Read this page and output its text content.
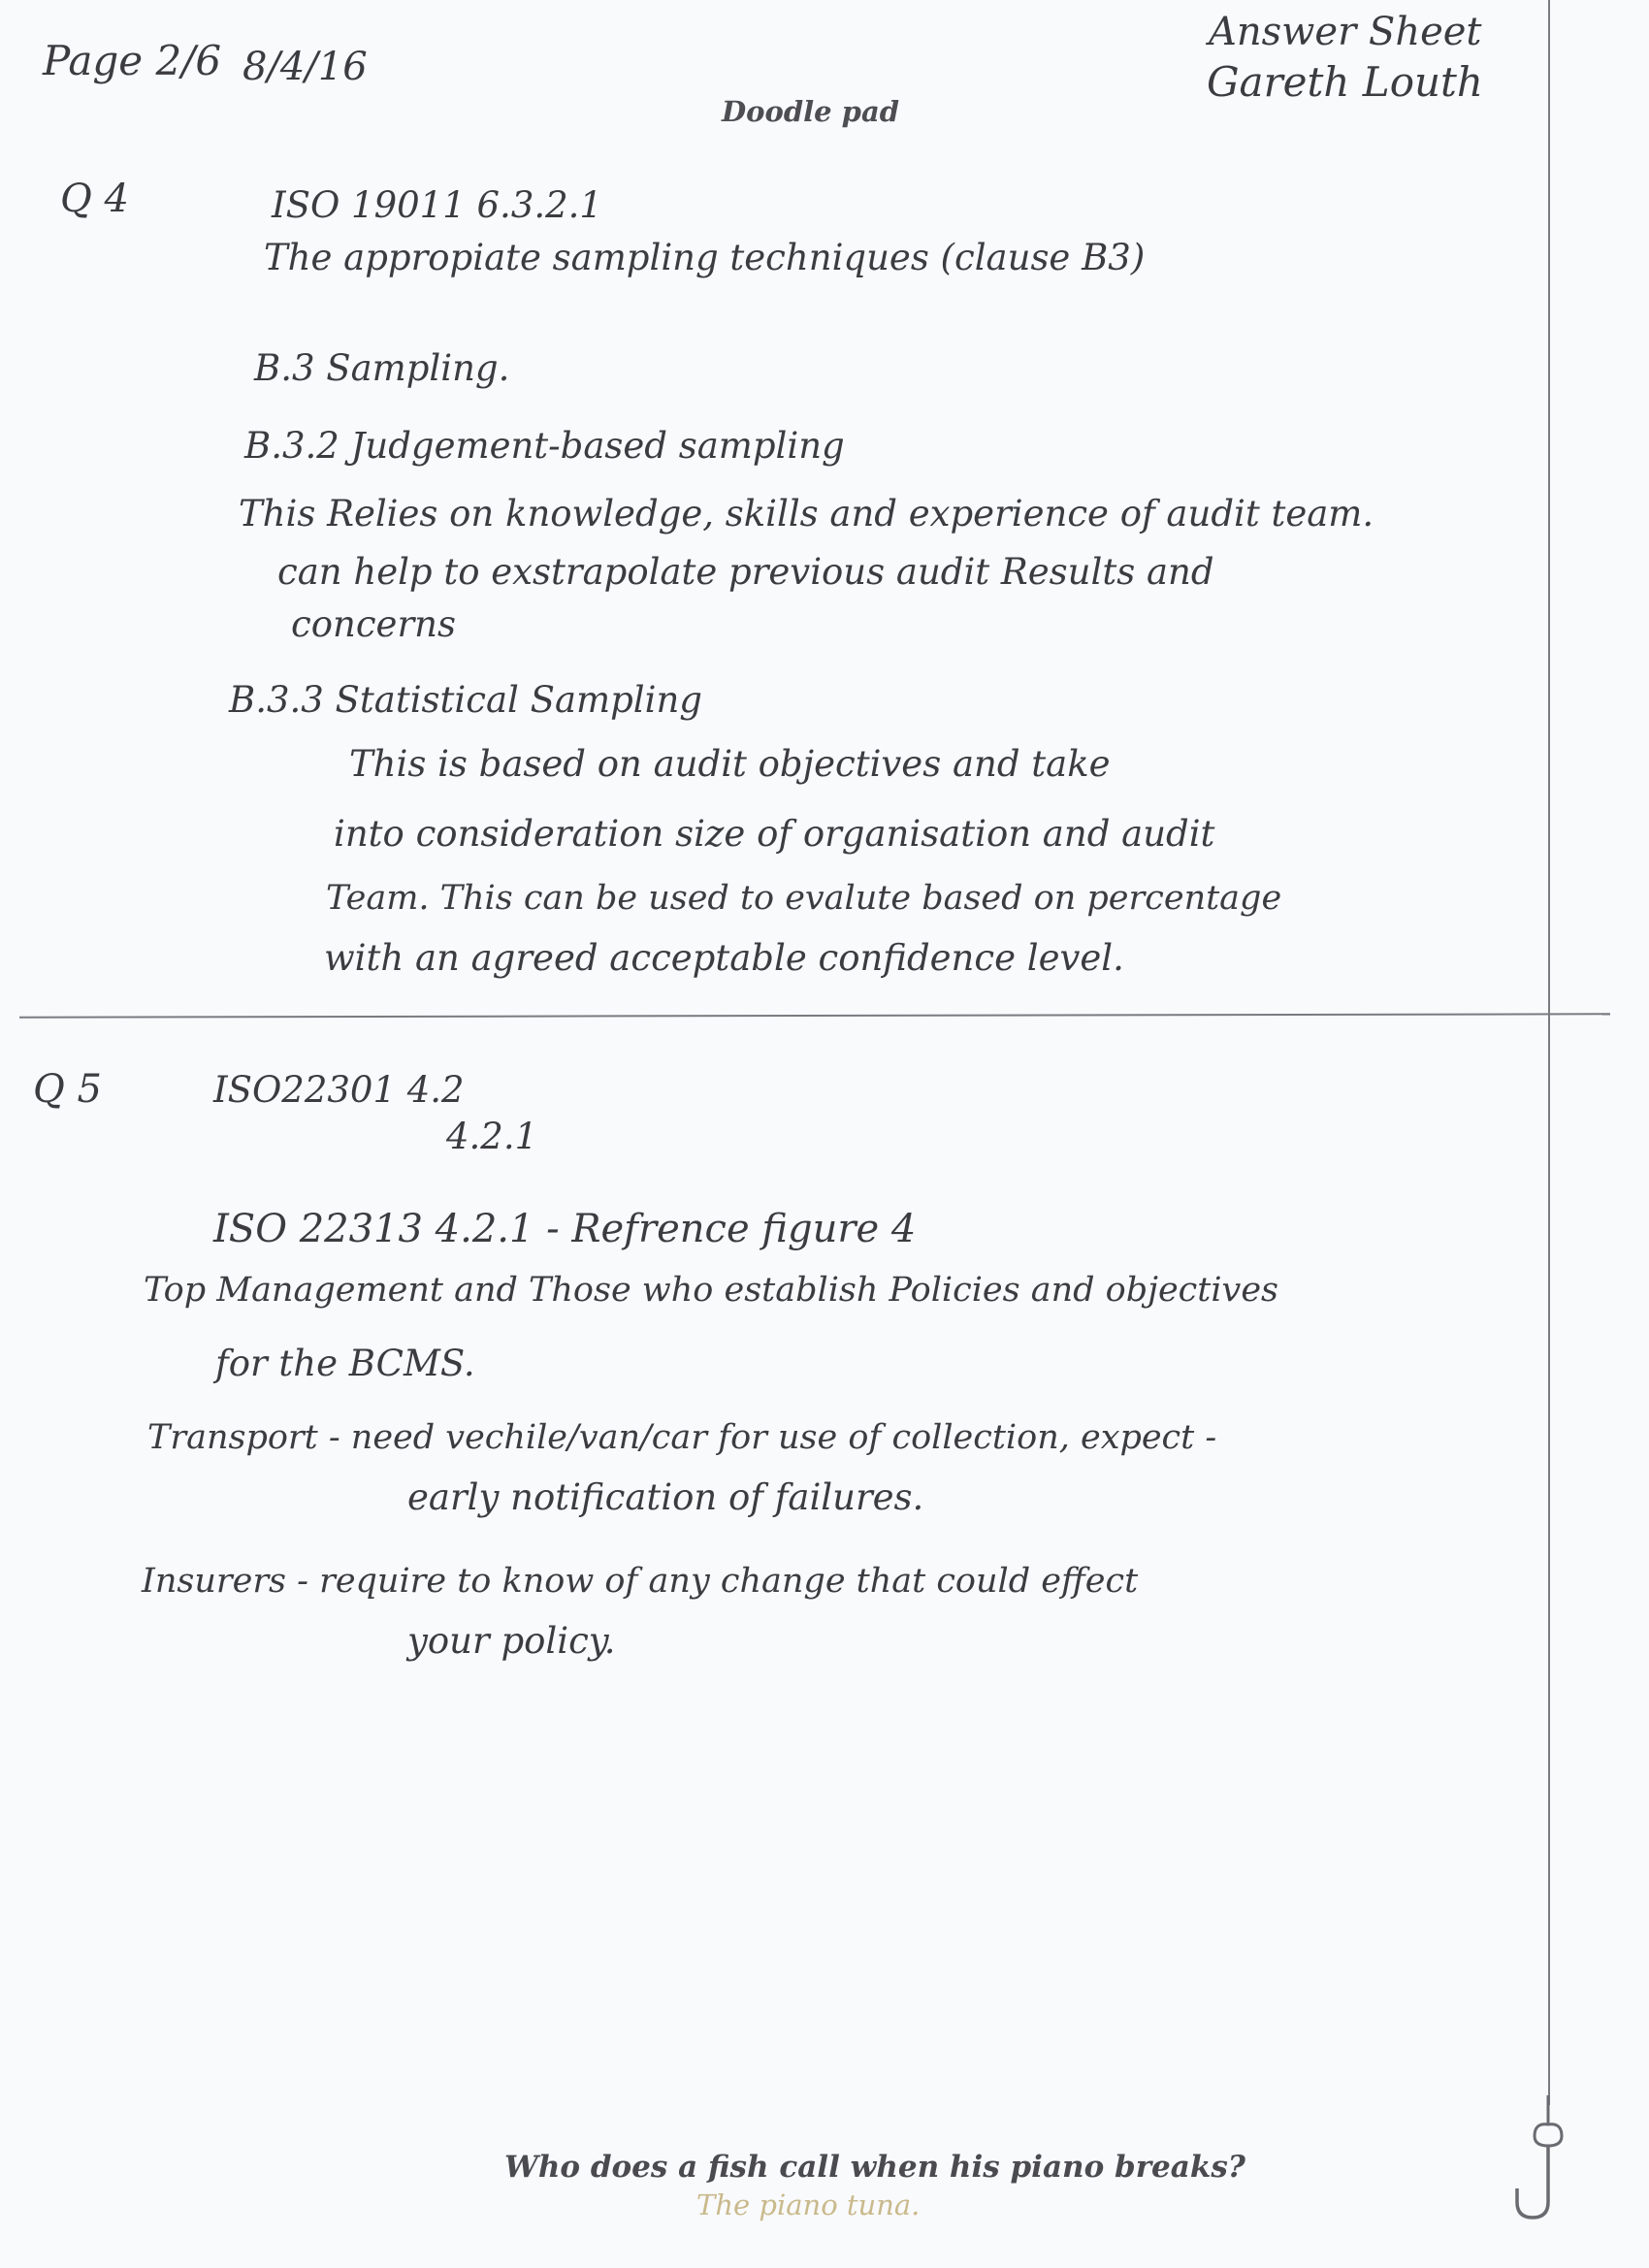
Page 2/6 8/4/16
Doodle pad
Answer Sheet
Gareth Louth
Q 4	ISO 19011 6.3.2.1
The appropiate sampling techniques (clause B3)
B.3 Sampling.
B.3.2 Judgement-based sampling
This Relies on knowledge, skills and experience of audit team.
can help to exstrapolate previous audit Results and
concerns
B.3.3 Statistical Sampling
This is based on audit objectives and take
into consideration size of organisation and audit
Team. This can be used to evalute based on percentage
with an agreed acceptable confidence level.
Q 5	ISO22301 4.2
4.2.1
ISO 22313 4.2.1 - Refrence figure 4
Top Management and Those who establish Policies and objectives
for the BCMS.
Transport - need vechile/van/car for use of collection, expect -
early notification of failures.
Insurers - require to know of any change that could effect
your policy.
Who does a fish call when his piano breaks?
The piano tuna.
